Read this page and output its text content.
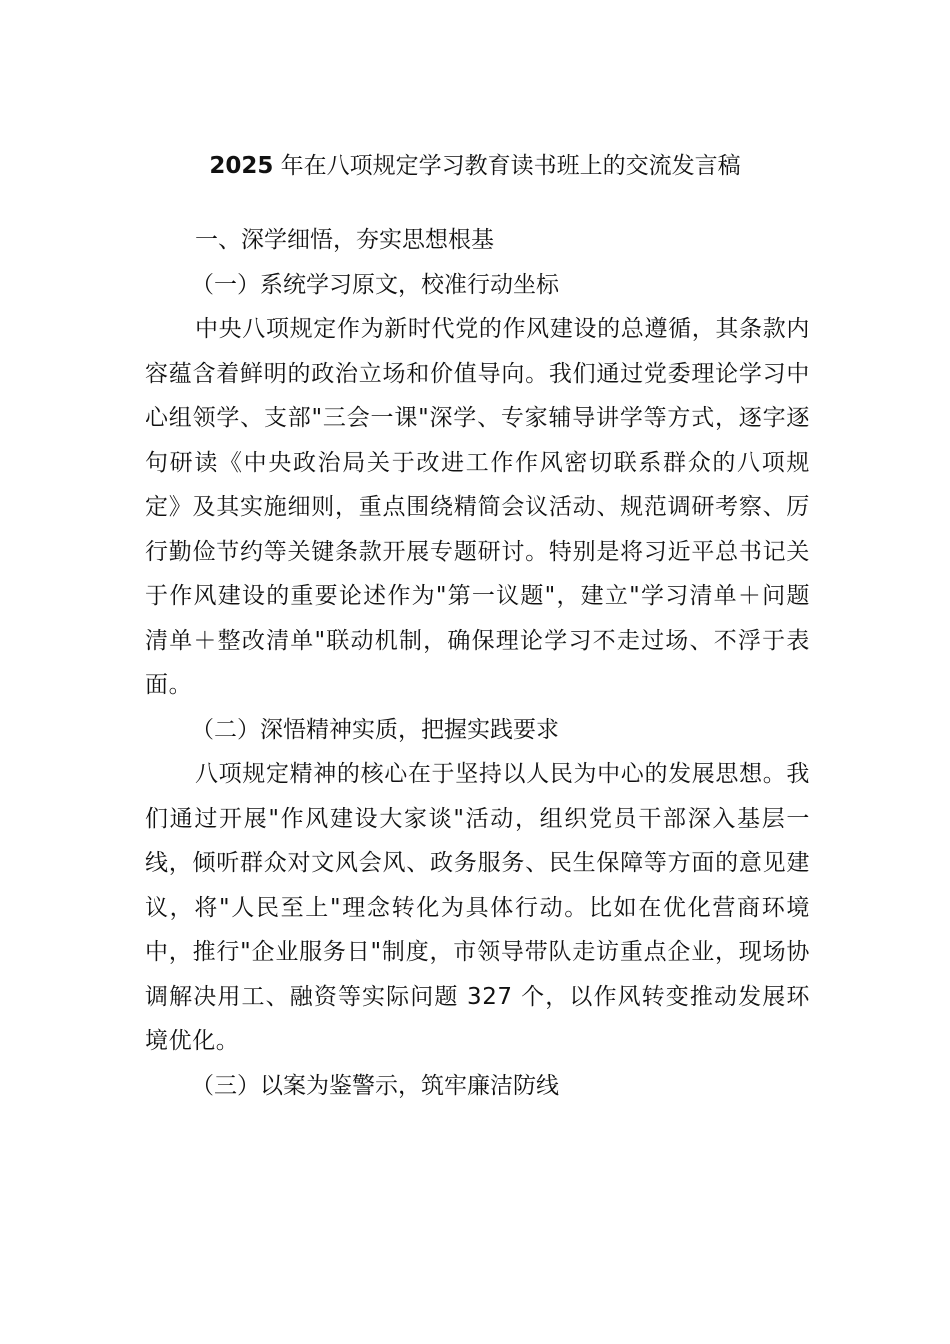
2025 年在八项规定学习教育读书班上的交流发言稿

一、深学细悟，夯实思想根基

（一）系统学习原文，校准行动坐标

中央八项规定作为新时代党的作风建设的总遵循，其条款内容蕴含着鲜明的政治立场和价值导向。我们通过党委理论学习中心组领学、支部"三会一课"深学、专家辅导讲学等方式，逐字逐句研读《中央政治局关于改进工作作风密切联系群众的八项规定》及其实施细则，重点围绕精简会议活动、规范调研考察、厉行勤俭节约等关键条款开展专题研讨。特别是将习近平总书记关于作风建设的重要论述作为"第一议题"，建立"学习清单＋问题清单＋整改清单"联动机制，确保理论学习不走过场、不浮于表面。

（二）深悟精神实质，把握实践要求

八项规定精神的核心在于坚持以人民为中心的发展思想。我们通过开展"作风建设大家谈"活动，组织党员干部深入基层一线，倾听群众对文风会风、政务服务、民生保障等方面的意见建议，将"人民至上"理念转化为具体行动。比如在优化营商环境中，推行"企业服务日"制度，市领导带队走访重点企业，现场协调解决用工、融资等实际问题 327 个，以作风转变推动发展环境优化。

（三）以案为鉴警示，筑牢廉洁防线
